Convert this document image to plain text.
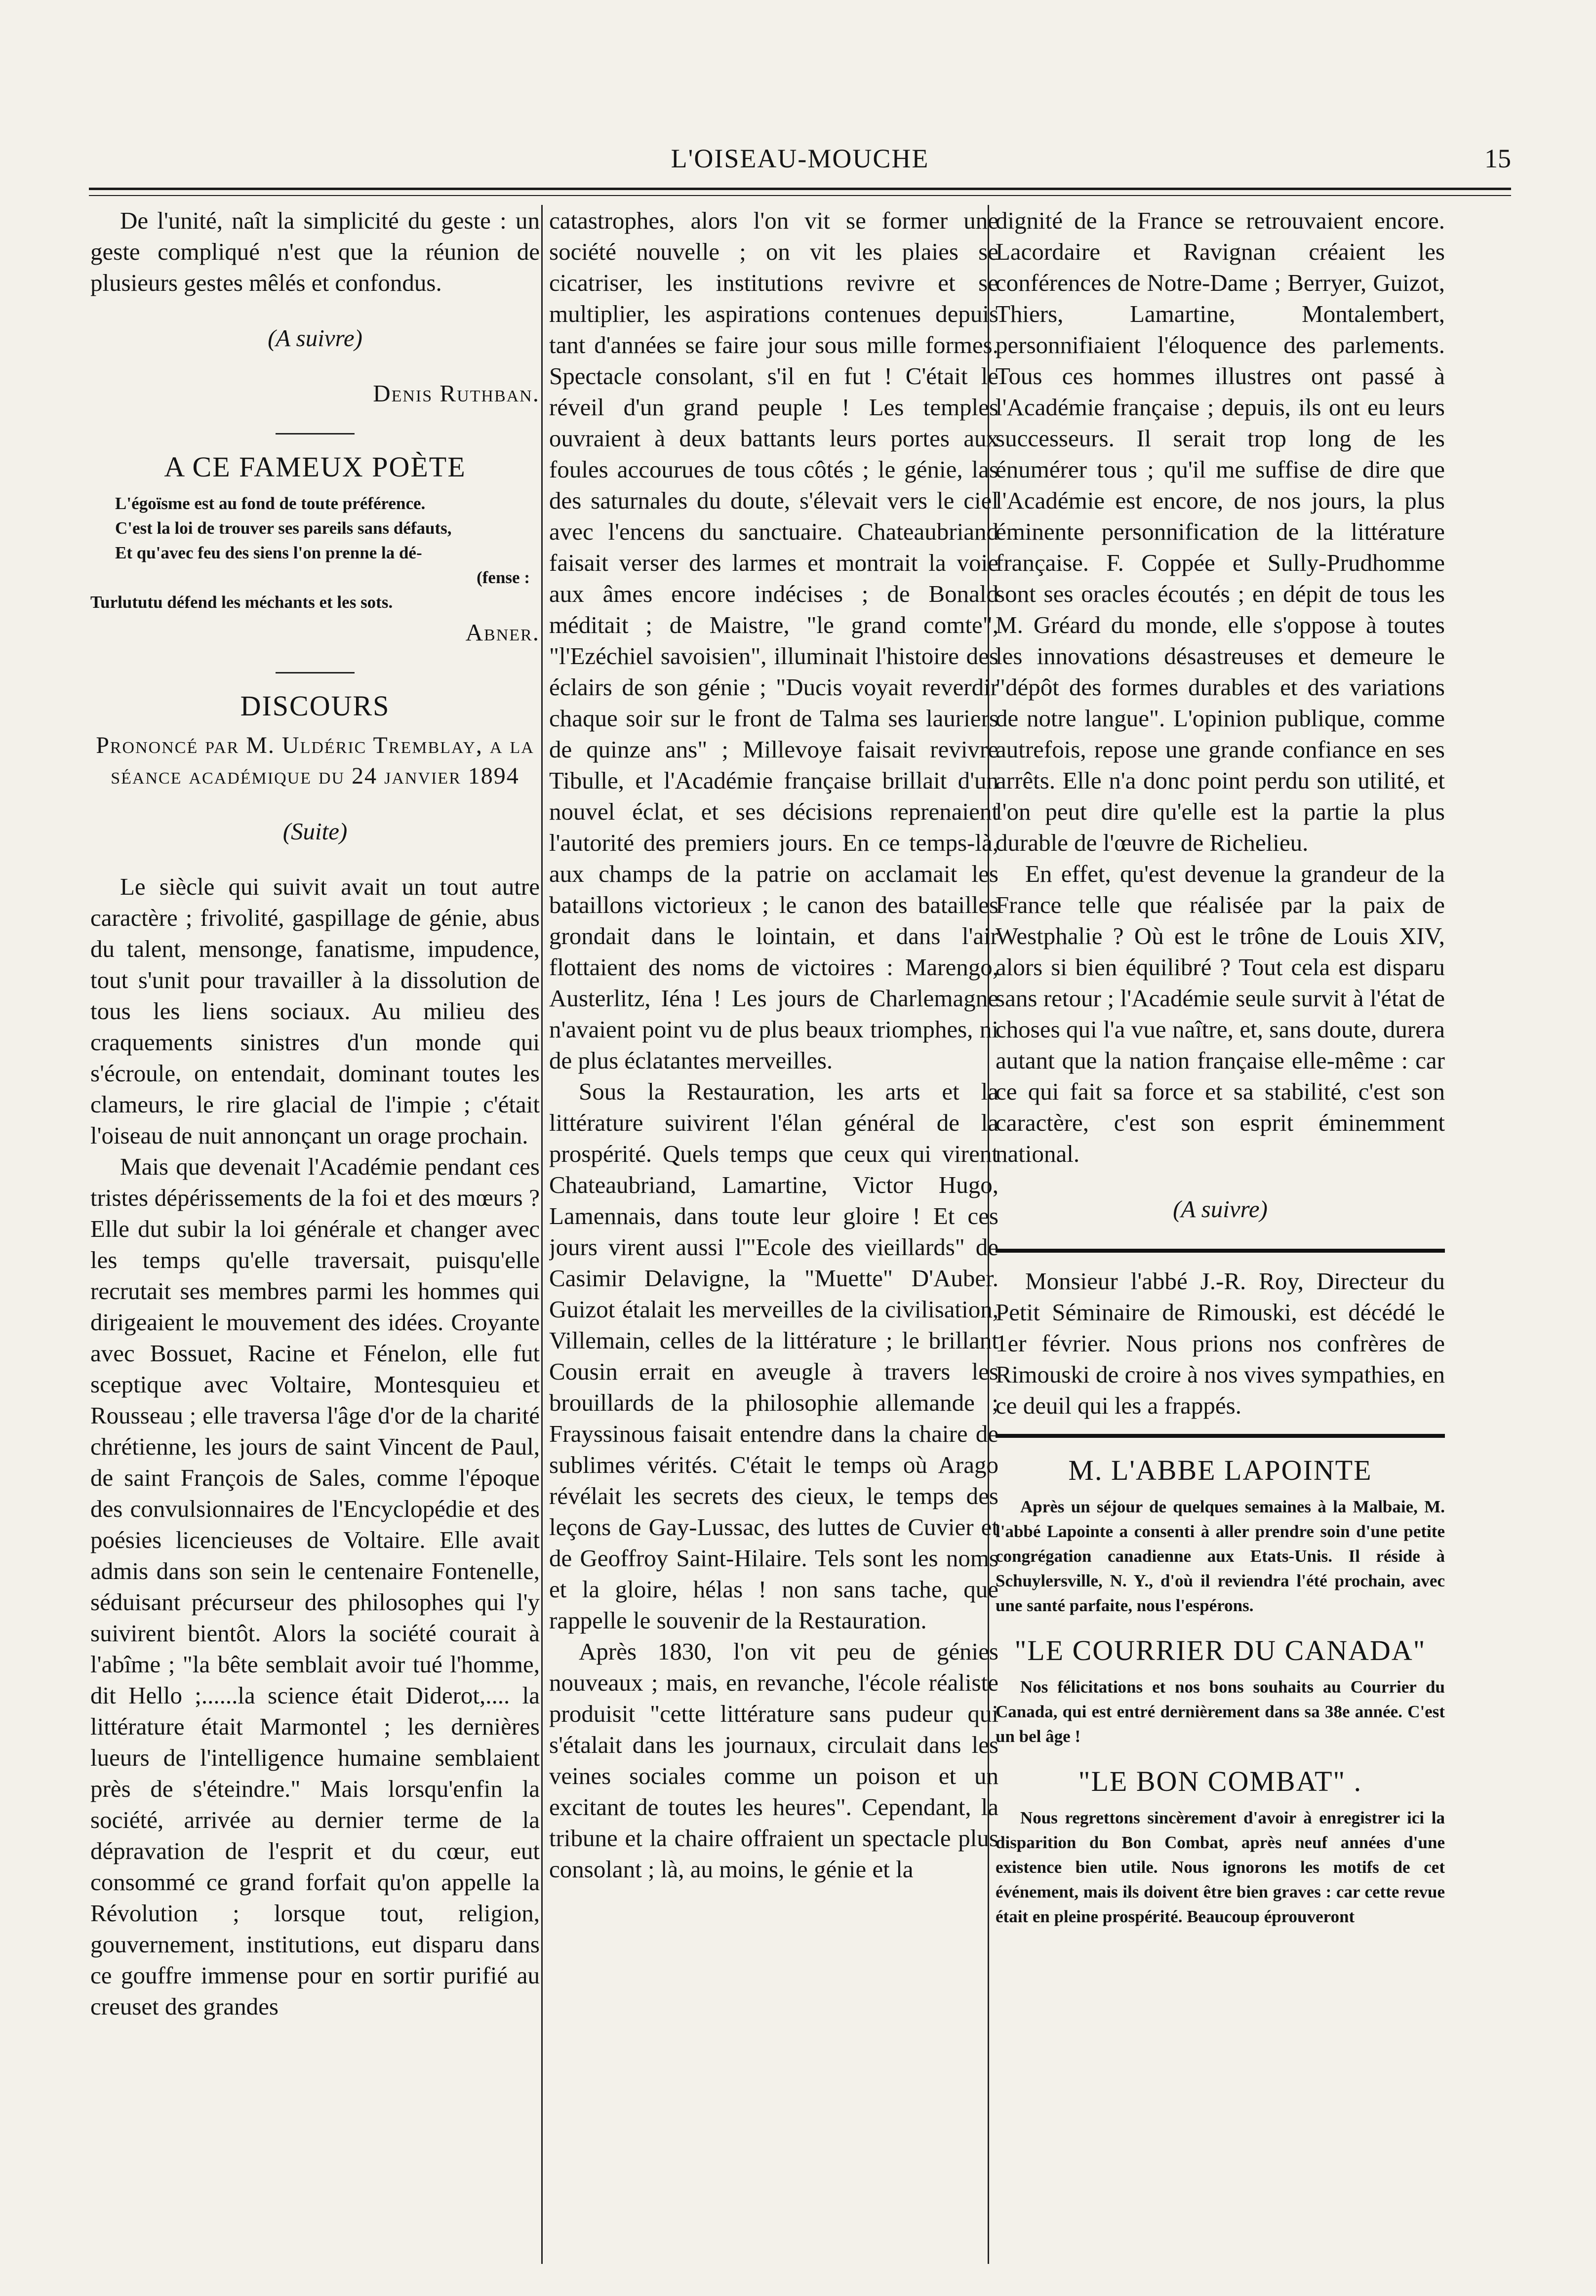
L'OISEAU-MOUCHE	15

De l'unité, naît la simplicité du geste : un geste compliqué n'est que la réunion de plusieurs gestes mêlés et confondus.

(A suivre)

Denis Ruthban.

A CE FAMEUX POÈTE
L'égoïsme est au fond de toute préférence.
C'est la loi de trouver ses pareils sans défauts,
Et qu'avec feu des siens l'on prenne la dé-
(fense :
Turlututu défend les méchants et les sots.

Abner.

DISCOURS
Prononcé par M. Uldéric Tremblay, a la séance académique du 24 janvier 1894

(Suite)

Le siècle qui suivit avait un tout autre caractère ; frivolité, gaspillage de génie, abus du talent, mensonge, fanatisme, impudence, tout s'unit pour travailler à la dissolution de tous les liens sociaux. Au milieu des craquements sinistres d'un monde qui s'écroule, on entendait, dominant toutes les clameurs, le rire glacial de l'impie ; c'était l'oiseau de nuit annonçant un orage prochain.

Mais que devenait l'Académie pendant ces tristes dépérissements de la foi et des mœurs ? Elle dut subir la loi générale et changer avec les temps qu'elle traversait, puisqu'elle recrutait ses membres parmi les hommes qui dirigeaient le mouvement des idées. Croyante avec Bossuet, Racine et Fénelon, elle fut sceptique avec Voltaire, Montesquieu et Rousseau ; elle traversa l'âge d'or de la charité chrétienne, les jours de saint Vincent de Paul, de saint François de Sales, comme l'époque des convulsionnaires de l'Encyclopédie et des poésies licencieuses de Voltaire. Elle avait admis dans son sein le centenaire Fontenelle, séduisant précurseur des philosophes qui l'y suivirent bientôt. Alors la société courait à l'abîme ; "la bête semblait avoir tué l'homme, dit Hello ;......la science était Diderot,.... la littérature était Marmontel ; les dernières lueurs de l'intelligence humaine semblaient près de s'éteindre." Mais lorsqu'enfin la société, arrivée au dernier terme de la dépravation de l'esprit et du cœur, eut consommé ce grand forfait qu'on appelle la Révolution ; lorsque tout, religion, gouvernement, institutions, eut disparu dans ce gouffre immense pour en sortir purifié au creuset des grandes

catastrophes, alors l'on vit se former une société nouvelle ; on vit les plaies se cicatriser, les institutions revivre et se multiplier, les aspirations contenues depuis tant d'années se faire jour sous mille formes. Spectacle consolant, s'il en fut ! C'était le réveil d'un grand peuple ! Les temples ouvraient à deux battants leurs portes aux foules accourues de tous côtés ; le génie, las des saturnales du doute, s'élevait vers le ciel avec l'encens du sanctuaire. Chateaubriand faisait verser des larmes et montrait la voie aux âmes encore indécises ; de Bonald méditait ; de Maistre, "le grand comte", "l'Ezéchiel savoisien", illuminait l'histoire des éclairs de son génie ; "Ducis voyait reverdir chaque soir sur le front de Talma ses lauriers de quinze ans" ; Millevoye faisait revivre Tibulle, et l'Académie française brillait d'un nouvel éclat, et ses décisions reprenaient l'autorité des premiers jours. En ce temps-là, aux champs de la patrie on acclamait les bataillons victorieux ; le canon des batailles grondait dans le lointain, et dans l'air flottaient des noms de victoires : Marengo, Austerlitz, Iéna ! Les jours de Charlemagne n'avaient point vu de plus beaux triomphes, ni de plus éclatantes merveilles.

Sous la Restauration, les arts et la littérature suivirent l'élan général de la prospérité. Quels temps que ceux qui virent Chateaubriand, Lamartine, Victor Hugo, Lamennais, dans toute leur gloire ! Et ces jours virent aussi l'"Ecole des vieillards" de Casimir Delavigne, la "Muette" D'Auber. Guizot étalait les merveilles de la civilisation, Villemain, celles de la littérature ; le brillant Cousin errait en aveugle à travers les brouillards de la philosophie allemande ; Frayssinous faisait entendre dans la chaire de sublimes vérités. C'était le temps où Arago révélait les secrets des cieux, le temps des leçons de Gay-Lussac, des luttes de Cuvier et de Geoffroy Saint-Hilaire. Tels sont les noms et la gloire, hélas ! non sans tache, que rappelle le souvenir de la Restauration.

Après 1830, l'on vit peu de génies nouveaux ; mais, en revanche, l'école réaliste produisit "cette littérature sans pudeur qui s'étalait dans les journaux, circulait dans les veines sociales comme un poison et un excitant de toutes les heures". Cependant, la tribune et la chaire offraient un spectacle plus consolant ; là, au moins, le génie et la

dignité de la France se retrouvaient encore. Lacordaire et Ravignan créaient les conférences de Notre-Dame ; Berryer, Guizot, Thiers, Lamartine, Montalembert, personnifiaient l'éloquence des parlements. Tous ces hommes illustres ont passé à l'Académie française ; depuis, ils ont eu leurs successeurs. Il serait trop long de les énumérer tous ; qu'il me suffise de dire que l'Académie est encore, de nos jours, la plus éminente personnification de la littérature française. F. Coppée et Sully-Prudhomme sont ses oracles écoutés ; en dépit de tous les M. Gréard du monde, elle s'oppose à toutes les innovations désastreuses et demeure le "dépôt des formes durables et des variations de notre langue". L'opinion publique, comme autrefois, repose une grande confiance en ses arrêts. Elle n'a donc point perdu son utilité, et l'on peut dire qu'elle est la partie la plus durable de l'œuvre de Richelieu.

En effet, qu'est devenue la grandeur de la France telle que réalisée par la paix de Westphalie ? Où est le trône de Louis XIV, alors si bien équilibré ? Tout cela est disparu sans retour ; l'Académie seule survit à l'état de choses qui l'a vue naître, et, sans doute, durera autant que la nation française elle-même : car ce qui fait sa force et sa stabilité, c'est son caractère, c'est son esprit éminemment national.

(A suivre)

Monsieur l'abbé J.-R. Roy, Directeur du Petit Séminaire de Rimouski, est décédé le 1er février. Nous prions nos confrères de Rimouski de croire à nos vives sympathies, en ce deuil qui les a frappés.

M. L'ABBE LAPOINTE
Après un séjour de quelques semaines à la Malbaie, M. l'abbé Lapointe a consenti à aller prendre soin d'une petite congrégation canadienne aux Etats-Unis. Il réside à Schuylersville, N. Y., d'où il reviendra l'été prochain, avec une santé parfaite, nous l'espérons.
"LE COURRIER DU CANADA"
Nos félicitations et nos bons souhaits au Courrier du Canada, qui est entré dernièrement dans sa 38e année. C'est un bel âge !
"LE BON COMBAT" .
Nous regrettons sincèrement d'avoir à enregistrer ici la disparition du Bon Combat, après neuf années d'une existence bien utile. Nous ignorons les motifs de cet événement, mais ils doivent être bien graves : car cette revue était en pleine prospérité. Beaucoup éprouveront
